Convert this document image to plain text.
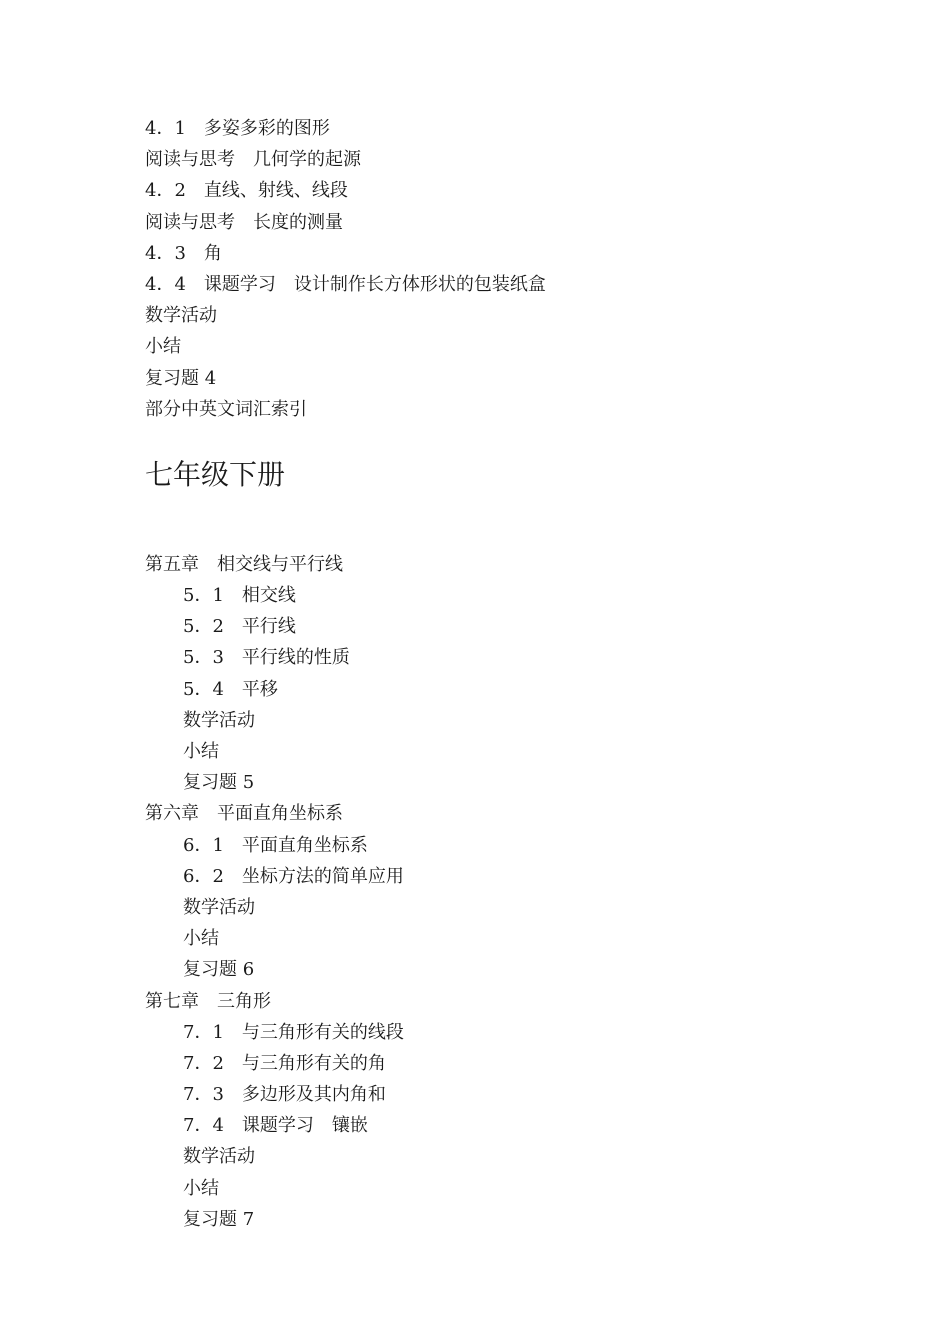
4．1　多姿多彩的图形
阅读与思考　几何学的起源
4．2　直线、射线、线段
阅读与思考　长度的测量
4．3　角
4．4　课题学习　设计制作长方体形状的包装纸盒
数学活动
小结
复习题 4
部分中英文词汇索引
七年级下册
第五章　相交线与平行线
5．1　相交线
5．2　平行线
5．3　平行线的性质
5．4　平移
数学活动
小结
复习题 5
第六章　平面直角坐标系
6．1　平面直角坐标系
6．2　坐标方法的简单应用
数学活动
小结
复习题 6
第七章　三角形
7．1　与三角形有关的线段
7．2　与三角形有关的角
7．3　多边形及其内角和
7．4　课题学习　镶嵌
数学活动
小结
复习题 7
